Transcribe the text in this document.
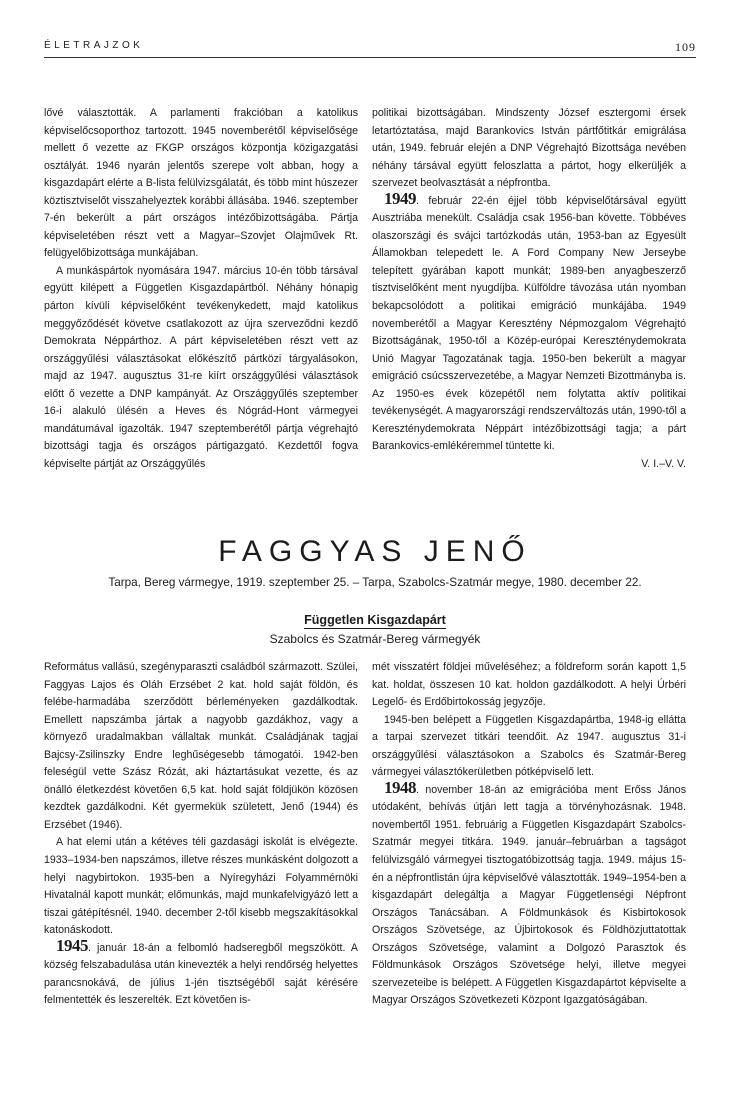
ÉLETRAJZOK	109

lővé választották. A parlamenti frakcióban a katolikus képviselőcsoporthoz tartozott. 1945 novemberétől képviselősége mellett ő vezette az FKGP országos központja közigazgatási osztályát. 1946 nyarán jelentős szerepe volt abban, hogy a kisgazdapárt elérte a B-lista felülvizsgálatát, és több mint húszezer köztisztviselőt visszahelyeztek korábbi állásába. 1946. szeptember 7-én bekerült a párt országos intézőbizottságába. Pártja képviseletében részt vett a Magyar–Szovjet Olajművek Rt. felügyelőbizottsága munkájában.

A munkáspártok nyomására 1947. március 10-én több társával együtt kilépett a Független Kisgazdapártból. Néhány hónapig párton kívüli képviselőként tevékenykedett, majd katolikus meggyőződését követve csatlakozott az újra szerveződni kezdő Demokrata Néppárthoz. A párt képviseletében részt vett az országgyűlési választásokat előkészítő pártközi tárgyalásokon, majd az 1947. augusztus 31-re kiírt országgyűlési választások előtt ő vezette a DNP kampányát. Az Országgyűlés szeptember 16-i alakuló ülésén a Heves és Nógrád-Hont vármegyei mandátumával igazolták. 1947 szeptemberétől pártja végrehajtó bizottsági tagja és országos pártigazgató. Kezdettől fogva képviselte pártját az Országgyűlés

politikai bizottságában. Mindszenty József esztergomi érsek letartóztatása, majd Barankovics István pártfőtitkár emigrálása után, 1949. február elején a DNP Végrehajtó Bizottsága nevében néhány társával együtt feloszlatta a pártot, hogy elkerüljék a szervezet beolvasztását a népfrontba.

1949. február 22-én éjjel több képviselőtársával együtt Ausztriába menekült. Családja csak 1956-ban követte. Többéves olaszországi és svájci tartózkodás után, 1953-ban az Egyesült Államokban telepedett le. A Ford Company New Jerseybe telepített gyárában kapott munkát; 1989-ben anyagbeszerző tisztviselőként ment nyugdíjba. Külföldre távozása után nyomban bekapcsolódott a politikai emigráció munkájába. 1949 novemberétől a Magyar Keresztény Népmozgalom Végrehajtó Bizottságának, 1950-től a Közép-európai Kereszténydemokrata Unió Magyar Tagozatának tagja. 1950-ben bekerült a magyar emigráció csúcsszervezetébe, a Magyar Nemzeti Bizottmányba is. Az 1950-es évek közepétől nem folytatta aktív politikai tevékenységét. A magyarországi rendszerváltozás után, 1990-től a Kereszténydemokrata Néppárt intézőbizottsági tagja; a párt Barankovics-emlékéremmel tüntette ki.

V. I.–V. V.

FAGGYAS JENŐ
Tarpa, Bereg vármegye, 1919. szeptember 25. – Tarpa, Szabolcs-Szatmár megye, 1980. december 22.
Független Kisgazdapárt
Szabolcs és Szatmár-Bereg vármegyék

Református vallású, szegényparaszti családból származott. Szülei, Faggyas Lajos és Oláh Erzsébet 2 kat. hold saját földön, és felébe-harmadába szerződött bérleményeken gazdálkodtak. Emellett napszámba jártak a nagyobb gazdákhoz, vagy a környező uradalmakban vállaltak munkát. Családjának tagjai Bajcsy-Zsilinszky Endre leghűségesebb támogatói. 1942-ben feleségül vette Szász Rózát, aki háztartásukat vezette, és az önálló életkezdést követően 6,5 kat. hold saját földjükön közösen kezdtek gazdálkodni. Két gyermekük született, Jenő (1944) és Erzsébet (1946).

A hat elemi után a kétéves téli gazdasági iskolát is elvégezte. 1933–1934-ben napszámos, illetve részes munkásként dolgozott a helyi nagybirtokon. 1935-ben a Nyíregyházi Folyammérnöki Hivatalnál kapott munkát; előmunkás, majd munkafelvigyázó lett a tiszai gátépítésnél. 1940. december 2-től kisebb megszakításokkal katonáskodott.

1945. január 18-án a felbomló hadseregből megszökött. A község felszabadulása után kinevezték a helyi rendőrség helyettes parancsnokává, de július 1-jén tisztségéből saját kérésére felmentették és leszerelték. Ezt követően is-

mét visszatért földjei műveléséhez; a földreform során kapott 1,5 kat. holdat, összesen 10 kat. holdon gazdálkodott. A helyi Úrbéri Legelő- és Erdőbirtokosság jegyzője.

1945-ben belépett a Független Kisgazdapártba, 1948-ig ellátta a tarpai szervezet titkári teendőit. Az 1947. augusztus 31-i országgyűlési választásokon a Szabolcs és Szatmár-Bereg vármegyei választókerületben pótképviselő lett.

1948. november 18-án az emigrációba ment Erőss János utódaként, behívás útján lett tagja a törvényhozásnak. 1948. novembertől 1951. februárig a Független Kisgazdapárt Szabolcs-Szatmár megyei titkára. 1949. január–februárban a tagságot felülvizsgáló vármegyei tisztogatóbizottság tagja. 1949. május 15-én a népfrontlistán újra képviselővé választották. 1949–1954-ben a kisgazdapárt delegáltja a Magyar Függetlenségi Népfront Országos Tanácsában. A Földmunkások és Kisbirtokosok Országos Szövetsége, az Újbirtokosok és Földhözjuttatottak Országos Szövetsége, valamint a Dolgozó Parasztok és Földmunkások Országos Szövetsége helyi, illetve megyei szervezeteibe is belépett. A Független Kisgazdapártot képviselte a Magyar Országos Szövetkezeti Központ Igazgatóságában.
